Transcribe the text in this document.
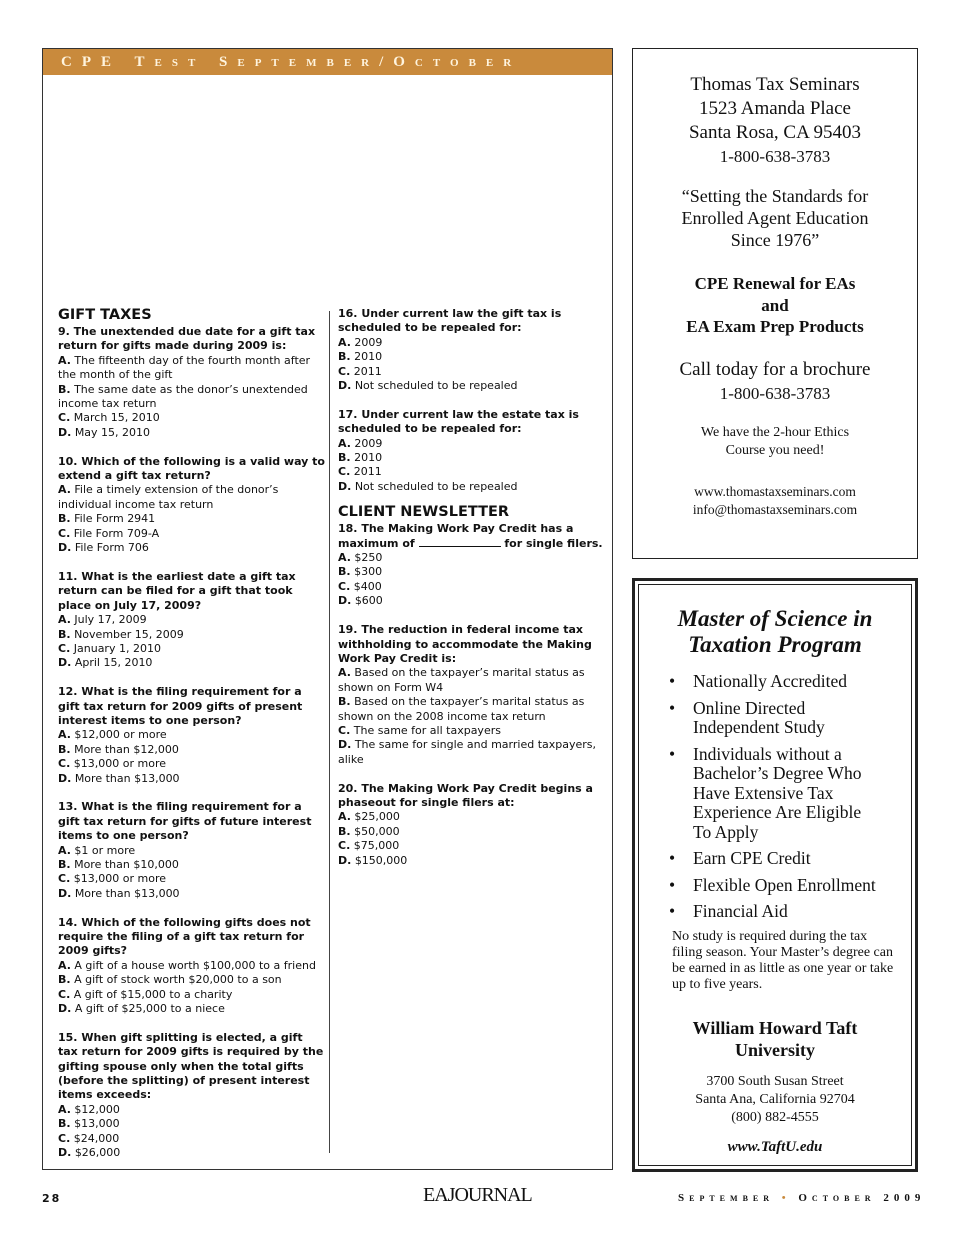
CPE Test September/October
GIFT TAXES
9. The unextended due date for a gift tax return for gifts made during 2009 is:
A. The fifteenth day of the fourth month after the month of the gift
B. The same date as the donor’s unextended income tax return
C. March 15, 2010
D. May 15, 2010
10. Which of the following is a valid way to extend a gift tax return?
A. File a timely extension of the donor’s individual income tax return
B. File Form 2941
C. File Form 709-A
D. File Form 706
11. What is the earliest date a gift tax return can be filed for a gift that took place on July 17, 2009?
A. July 17, 2009
B. November 15, 2009
C. January 1, 2010
D. April 15, 2010
12. What is the filing requirement for a gift tax return for 2009 gifts of present interest items to one person?
A. $12,000 or more
B. More than $12,000
C. $13,000 or more
D. More than $13,000
13. What is the filing requirement for a gift tax return for gifts of future interest items to one person?
A. $1 or more
B. More than $10,000
C. $13,000 or more
D. More than $13,000
14. Which of the following gifts does not require the filing of a gift tax return for 2009 gifts?
A. A gift of a house worth $100,000 to a friend
B. A gift of stock worth $20,000 to a son
C. A gift of $15,000 to a charity
D. A gift of $25,000 to a niece
15. When gift splitting is elected, a gift tax return for 2009 gifts is required by the gifting spouse only when the total gifts (before the splitting) of present interest items exceeds:
A. $12,000
B. $13,000
C. $24,000
D. $26,000
16. Under current law the gift tax is scheduled to be repealed for:
A. 2009
B. 2010
C. 2011
D. Not scheduled to be repealed
17. Under current law the estate tax is scheduled to be repealed for:
A. 2009
B. 2010
C. 2011
D. Not scheduled to be repealed
CLIENT NEWSLETTER
18. The Making Work Pay Credit has a maximum of	for single filers.
A. $250
B. $300
C. $400
D. $600
19. The reduction in federal income tax withholding to accommodate the Making Work Pay Credit is:
A. Based on the taxpayer’s marital status as shown on Form W4
B. Based on the taxpayer’s marital status as shown on the 2008 income tax return
C. The same for all taxpayers
D. The same for single and married taxpayers, alike
20. The Making Work Pay Credit begins a phaseout for single filers at:
A. $25,000
B. $50,000
C. $75,000
D. $150,000
Thomas Tax Seminars
1523 Amanda Place
Santa Rosa, CA 95403
1-800-638-3783
“Setting the Standards for
Enrolled Agent Education
Since 1976”
CPE Renewal for EAs
and
EA Exam Prep Products
Call today for a brochure
1-800-638-3783
We have the 2-hour Ethics
Course you need!
www.thomastaxseminars.com
info@thomastaxseminars.com
Master of Science in
Taxation Program
• Nationally Accredited
• Online Directed
Independent Study
• Individuals without a
Bachelor’s Degree Who
Have Extensive Tax
Experience Are Eligible
To Apply
• Earn CPE Credit
• Flexible Open Enrollment
• Financial Aid
No study is required during the tax filing season. Your Master’s degree can be earned in as little as one year or take up to five years.
William Howard Taft
University
3700 South Susan Street
Santa Ana, California 92704
(800) 882-4555
www.TaftU.edu
28	EAJOURNAL	September • October 2009
